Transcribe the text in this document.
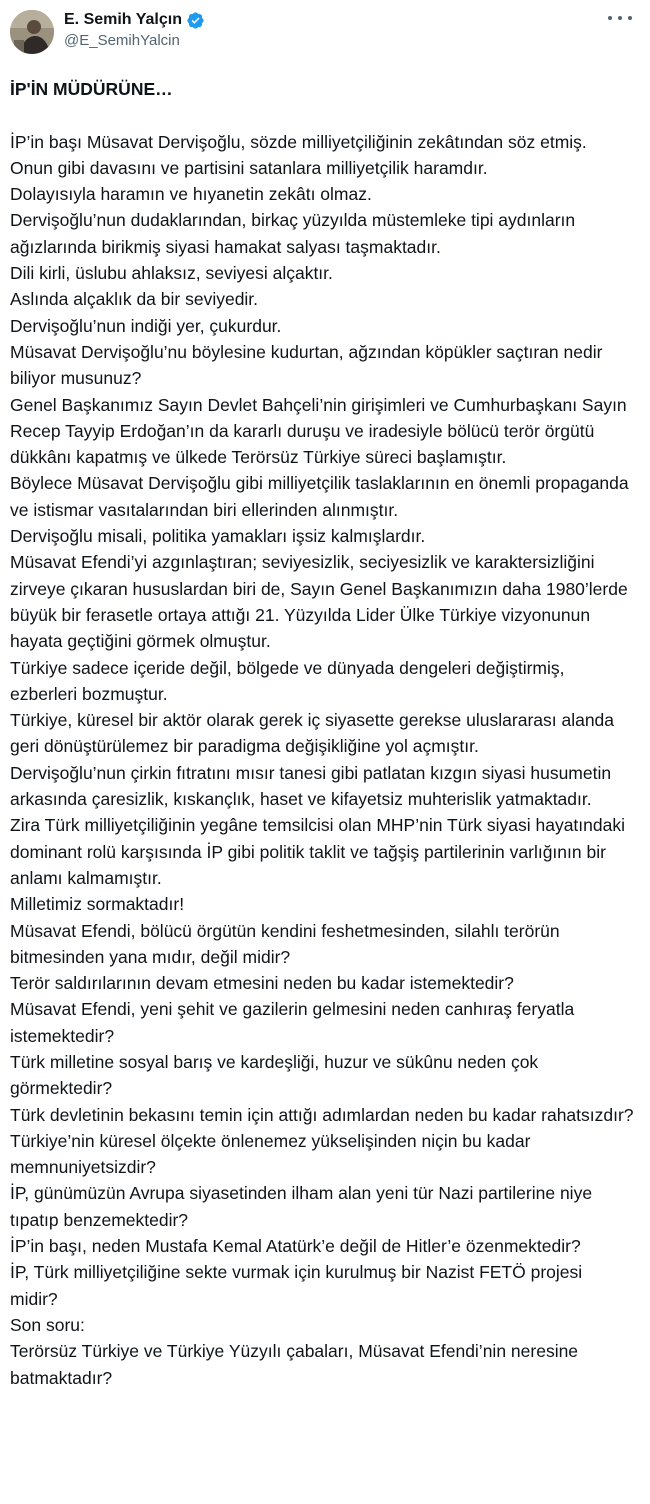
E. Semih Yalçın
@E_SemihYalcin
İP'İN MÜDÜRÜNE…

İP’in başı Müsavat Dervişoğlu, sözde milliyetçiliğinin zekâtından söz etmiş. Onun gibi davasını ve partisini satanlara milliyetçilik haramdır.

Dolayısıyla haramın ve hıyanetin zekâtı olmaz.

Dervişoğlu’nun dudaklarından, birkaç yüzyılda müstemleke tipi aydınların ağızlarında birikmiş siyasi hamakat salyası taşmaktadır.

Dili kirli, üslubu ahlaksız, seviyesi alçaktır.

Aslında alçaklık da bir seviyedir.

Dervişoğlu’nun indiği yer, çukurdur.

Müsavat Dervişoğlu’nu böylesine kudurtan, ağzından köpükler saçtıran nedir biliyor musunuz?

Genel Başkanımız Sayın Devlet Bahçeli’nin girişimleri ve Cumhurbaşkanı Sayın Recep Tayyip Erdoğan’ın da kararlı duruşu ve iradesiyle bölücü terör örgütü dükkânı kapatmış ve ülkede Terörsüz Türkiye süreci başlamıştır.

Böylece Müsavat Dervişoğlu gibi milliyetçilik taslaklarının en önemli propaganda ve istismar vasıtalarından biri ellerinden alınmıştır.

Dervişoğlu misali, politika yamakları işsiz kalmışlardır.

Müsavat Efendi’yi azgınlaştıran; seviyesizlik, seciyesizlik ve karaktersizliğini zirveye çıkaran hususlardan biri de, Sayın Genel Başkanımızın daha 1980’lerde büyük bir ferasetle ortaya attığı 21. Yüzyılda Lider Ülke Türkiye vizyonunun hayata geçtiğini görmek olmuştur.

Türkiye sadece içeride değil, bölgede ve dünyada dengeleri değiştirmiş, ezberleri bozmuştur.

Türkiye, küresel bir aktör olarak gerek iç siyasette gerekse uluslararası alanda geri dönüştürülemez bir paradigma değişikliğine yol açmıştır.

Dervişoğlu’nun çirkin fıtratını mısır tanesi gibi patlatan kızgın siyasi husumetin arkasında çaresizlik, kıskançlık, haset ve kifayetsiz muhterislik yatmaktadır.

Zira Türk milliyetçiliğinin yegâne temsilcisi olan MHP’nin Türk siyasi hayatındaki dominant rolü karşısında İP gibi politik taklit ve tağşiş partilerinin varlığının bir anlamı kalmamıştır.

Milletimiz sormaktadır!

Müsavat Efendi, bölücü örgütün kendini feshetmesinden, silahlı terörün bitmesinden yana mıdır, değil midir?

Terör saldırılarının devam etmesini neden bu kadar istemektedir?

Müsavat Efendi, yeni şehit ve gazilerin gelmesini neden canhıraş feryatla istemektedir?

Türk milletine sosyal barış ve kardeşliği, huzur ve sükûnu neden çok görmektedir?

Türk devletinin bekasını temin için attığı adımlardan neden bu kadar rahatsızdır?

Türkiye’nin küresel ölçekte önlenemez yükselişinden niçin bu kadar memnuniyetsizdir?

İP, günümüzün Avrupa siyasetinden ilham alan yeni tür Nazi partilerine niye tıpatıp benzemektedir?

İP’in başı, neden Mustafa Kemal Atatürk’e değil de Hitler’e özenmektedir?

İP, Türk milliyetçiliğine sekte vurmak için kurulmuş bir Nazist FETÖ projesi midir?

Son soru:

Terörsüz Türkiye ve Türkiye Yüzyılı çabaları, Müsavat Efendi’nin neresine batmaktadır?
